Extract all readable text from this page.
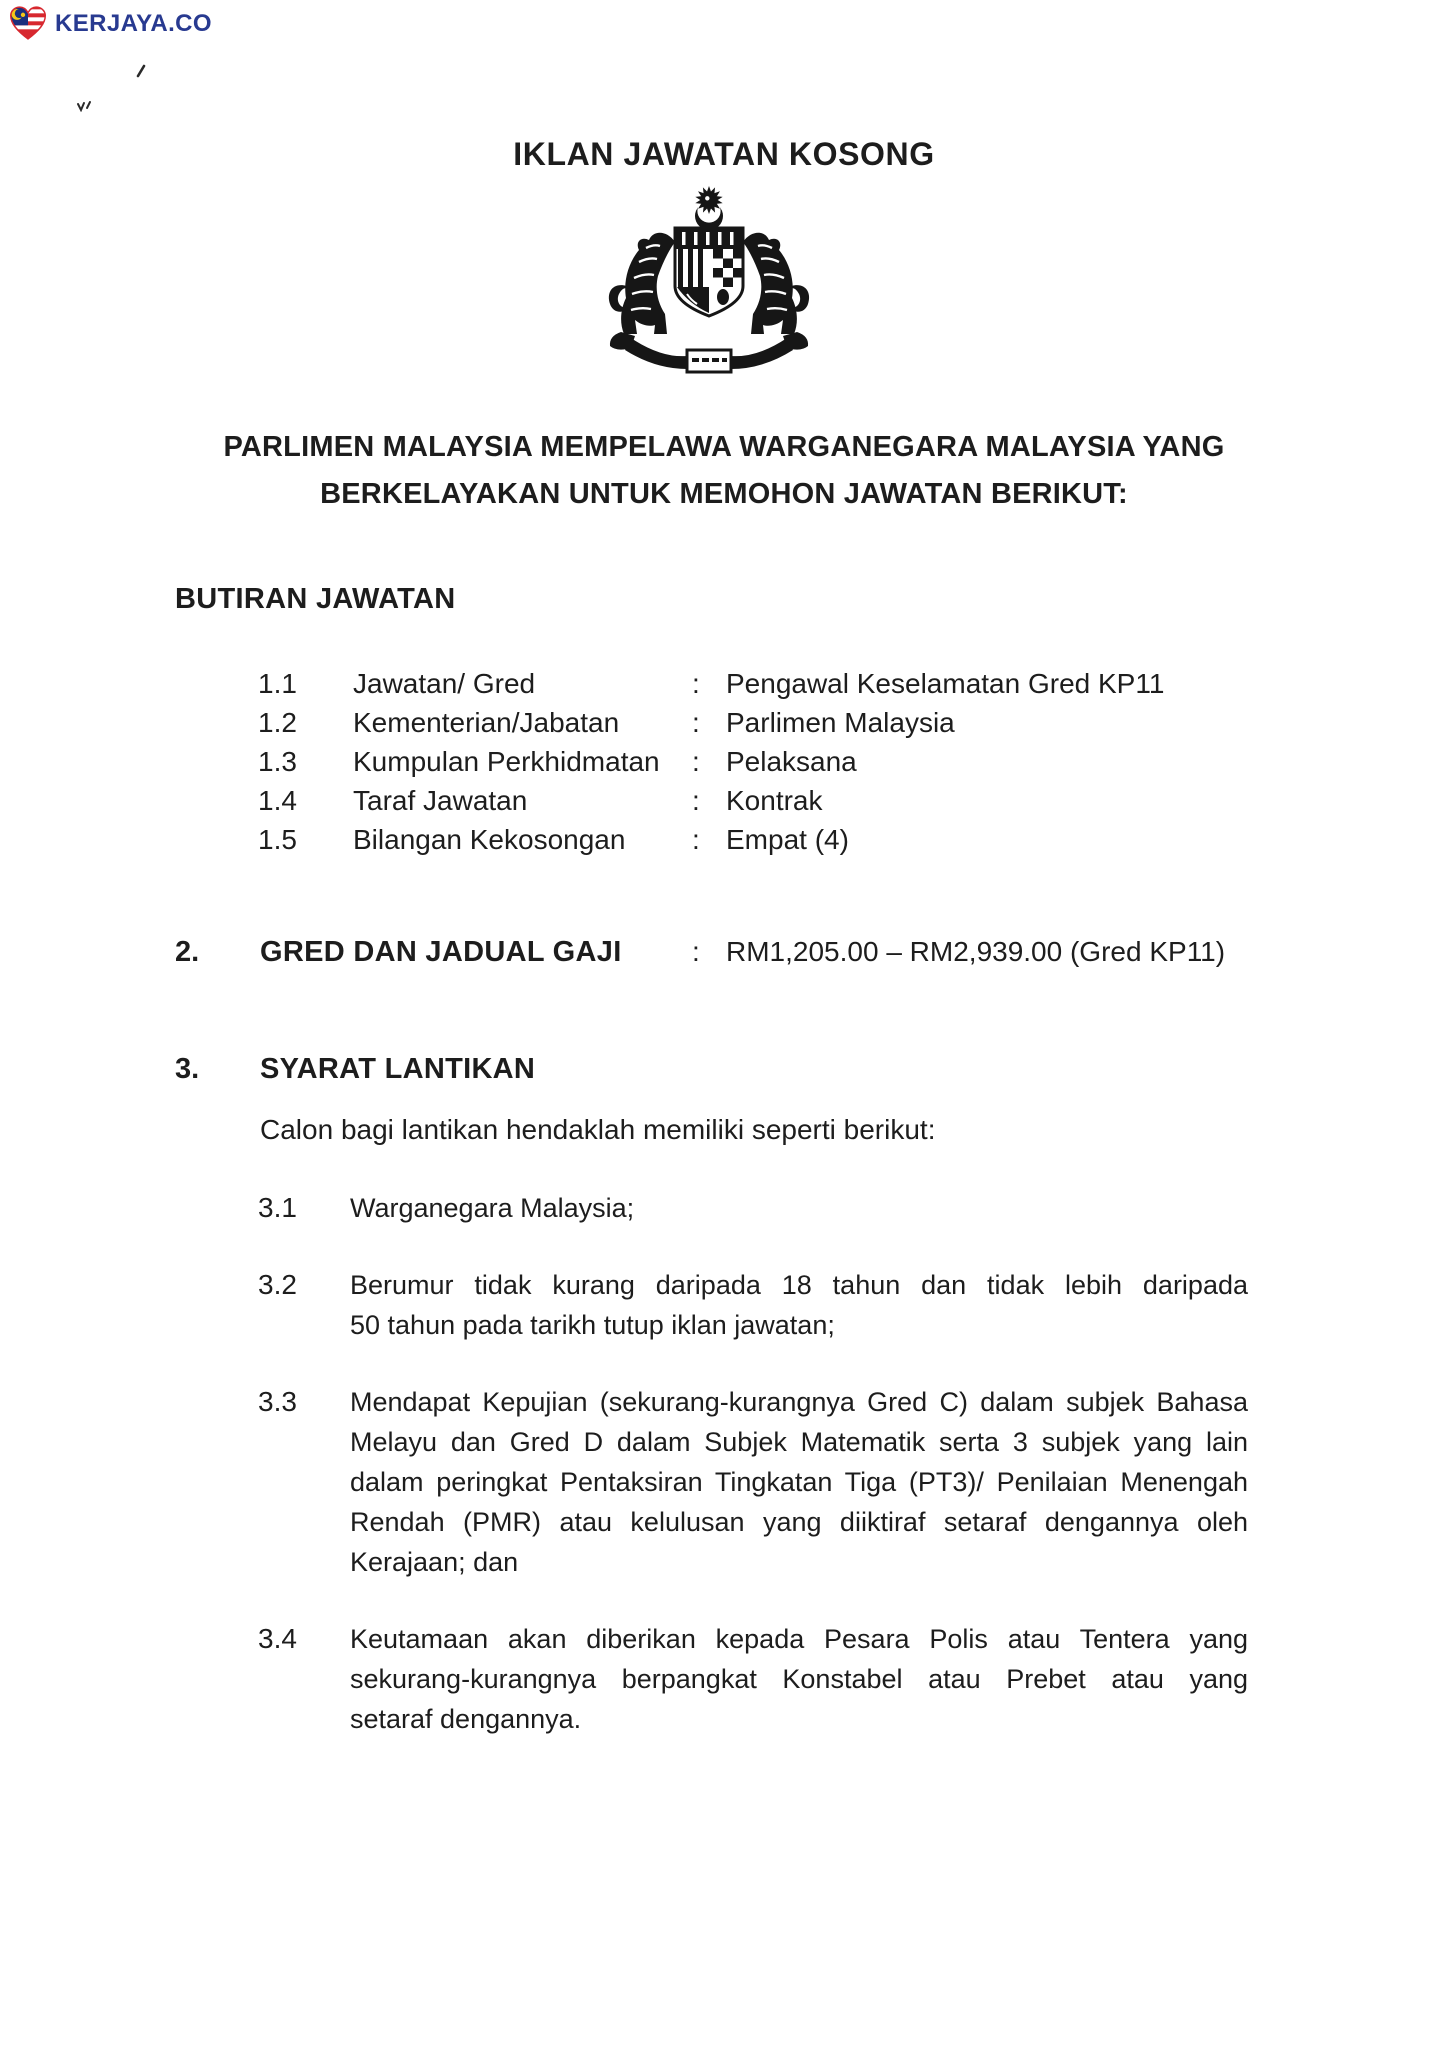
KERJAYA.CO
IKLAN JAWATAN KOSONG
PARLIMEN MALAYSIA MEMPELAWA WARGANEGARA MALAYSIA YANG
BERKELAYAKAN UNTUK MEMOHON JAWATAN BERIKUT:
BUTIRAN JAWATAN
1.1	Jawatan/ Gred	: Pengawal Keselamatan Gred KP11
1.2	Kementerian/Jabatan	: Parlimen Malaysia
1.3	Kumpulan Perkhidmatan	: Pelaksana
1.4	Taraf Jawatan	: Kontrak
1.5	Bilangan Kekosongan	: Empat (4)
2.	GRED DAN JADUAL GAJI	: RM1,205.00 – RM2,939.00 (Gred KP11)
3.	SYARAT LANTIKAN
Calon bagi lantikan hendaklah memiliki seperti berikut:
3.1	Warganegara Malaysia;
3.2	Berumur tidak kurang daripada 18 tahun dan tidak lebih daripada
50 tahun pada tarikh tutup iklan jawatan;
3.3	Mendapat Kepujian (sekurang-kurangnya Gred C) dalam subjek Bahasa
Melayu dan Gred D dalam Subjek Matematik serta 3 subjek yang lain
dalam peringkat Pentaksiran Tingkatan Tiga (PT3)/ Penilaian Menengah
Rendah (PMR) atau kelulusan yang diiktiraf setaraf dengannya oleh
Kerajaan; dan
3.4	Keutamaan akan diberikan kepada Pesara Polis atau Tentera yang
sekurang-kurangnya berpangkat Konstabel atau Prebet atau yang
setaraf dengannya.
